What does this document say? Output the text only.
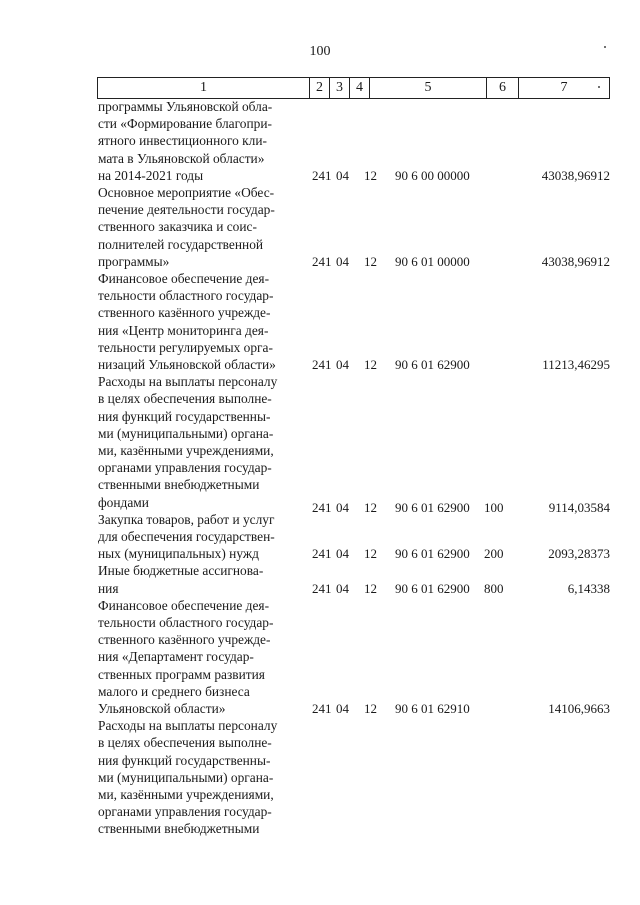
100
1	2 3 4	5	6	7
программы Ульяновской обла-
сти «Формирование благопри-
ятного инвестиционного кли-
мата в Ульяновской области»
на 2014-2021 годы	241 04 12 90 6 00 00000	43038,96912
Основное мероприятие «Обес-
печение деятельности государ-
ственного заказчика и соис-
полнителей государственной
программы»	241 04 12 90 6 01 00000	43038,96912
Финансовое обеспечение дея-
тельности областного государ-
ственного казённого учрежде-
ния «Центр мониторинга дея-
тельности регулируемых орга-
низаций Ульяновской области»	241 04 12 90 6 01 62900	11213,46295
Расходы на выплаты персоналу
в целях обеспечения выполне-
ния функций государственны-
ми (муниципальными) органа-
ми, казёнными учреждениями,
органами управления государ-
ственными внебюджетными
фондами	241 04 12 90 6 01 62900 100	9114,03584
Закупка товаров, работ и услуг
для обеспечения государствен-
ных (муниципальных) нужд	241 04 12 90 6 01 62900 200	2093,28373
Иные бюджетные ассигнова-
ния	241 04 12 90 6 01 62900 800	6,14338
Финансовое обеспечение дея-
тельности областного государ-
ственного казённого учрежде-
ния «Департамент государ-
ственных программ развития
малого и среднего бизнеса
Ульяновской области»	241 04 12 90 6 01 62910	14106,9663
Расходы на выплаты персоналу
в целях обеспечения выполне-
ния функций государственны-
ми (муниципальными) органа-
ми, казёнными учреждениями,
органами управления государ-
ственными внебюджетными
